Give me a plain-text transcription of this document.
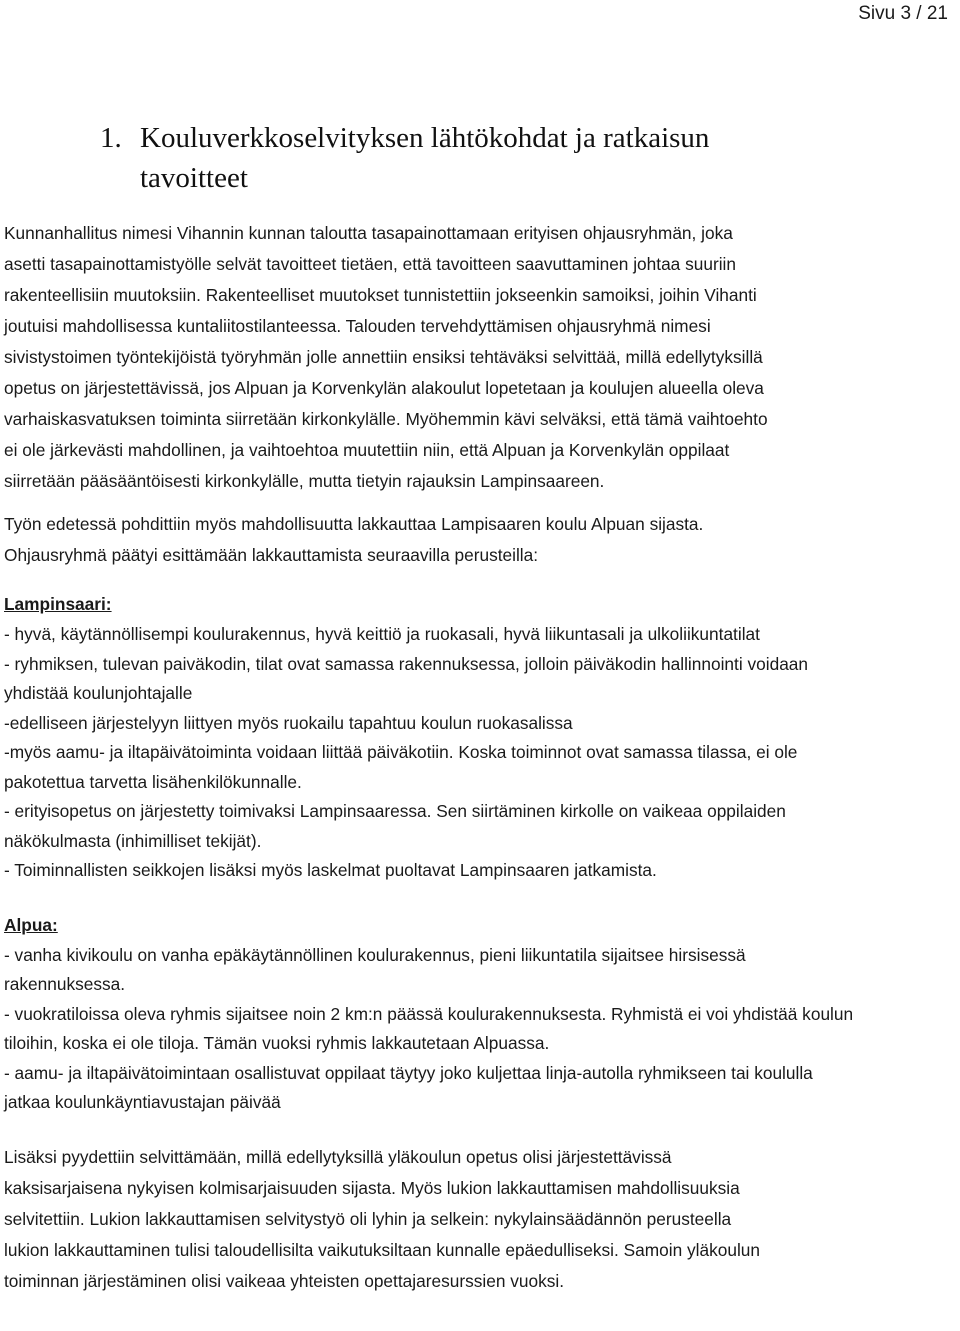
Sivu 3 / 21
1. Kouluverkkoselvityksen lähtökohdat ja ratkaisun
tavoitteet
Kunnanhallitus nimesi Vihannin kunnan taloutta tasapainottamaan erityisen ohjausryhmän, joka
asetti tasapainottamistyölle selvät tavoitteet tietäen, että tavoitteen saavuttaminen johtaa suuriin
rakenteellisiin muutoksiin. Rakenteelliset muutokset tunnistettiin jokseenkin samoiksi, joihin Vihanti
joutuisi mahdollisessa kuntaliitostilanteessa. Talouden tervehdyttämisen ohjausryhmä nimesi
sivistystoimen työntekijöistä työryhmän jolle annettiin ensiksi tehtäväksi selvittää, millä edellytyksillä
opetus on järjestettävissä, jos Alpuan ja Korvenkylän alakoulut lopetetaan ja koulujen alueella oleva
varhaiskasvatuksen toiminta siirretään kirkonkylälle. Myöhemmin kävi selväksi, että tämä vaihtoehto
ei ole järkevästi mahdollinen, ja vaihtoehtoa muutettiin niin, että Alpuan ja Korvenkylän oppilaat
siirretään pääsääntöisesti kirkonkylälle, mutta tietyin rajauksin Lampinsaareen.
Työn edetessä pohdittiin myös mahdollisuutta lakkauttaa Lampisaaren koulu Alpuan sijasta.
Ohjausryhmä päätyi esittämään lakkauttamista seuraavilla perusteilla:
Lampinsaari:
- hyvä, käytännöllisempi koulurakennus, hyvä keittiö ja ruokasali, hyvä liikuntasali ja ulkoliikuntatilat
- ryhmiksen, tulevan paiväkodin, tilat ovat samassa rakennuksessa, jolloin päiväkodin hallinnointi voidaan
yhdistää koulunjohtajalle
-edelliseen järjestelyyn liittyen myös ruokailu tapahtuu koulun ruokasalissa
-myös aamu- ja iltapäivätoiminta voidaan liittää päiväkotiin. Koska toiminnot ovat samassa tilassa, ei ole
pakotettua tarvetta lisähenkilökunnalle.
- erityisopetus on järjestetty toimivaksi Lampinsaaressa. Sen siirtäminen kirkolle on vaikeaa oppilaiden
näkökulmasta (inhimilliset tekijät).
- Toiminnallisten seikkojen lisäksi myös laskelmat puoltavat Lampinsaaren jatkamista.
Alpua:
- vanha kivikoulu on vanha epäkäytännöllinen koulurakennus, pieni liikuntatila sijaitsee hirsisessä
rakennuksessa.
- vuokratiloissa oleva ryhmis sijaitsee noin 2 km:n päässä koulurakennuksesta. Ryhmistä ei voi yhdistää koulun
tiloihin, koska ei ole tiloja. Tämän vuoksi ryhmis lakkautetaan Alpuassa.
- aamu- ja iltapäivätoimintaan osallistuvat oppilaat täytyy joko kuljettaa linja-autolla ryhmikseen tai koululla
jatkaa koulunkäyntiavustajan päivää
Lisäksi pyydettiin selvittämään, millä edellytyksillä yläkoulun opetus olisi järjestettävissä
kaksisarjaisena nykyisen kolmisarjaisuuden sijasta. Myös lukion lakkauttamisen mahdollisuuksia
selvitettiin. Lukion lakkauttamisen selvitystyö oli lyhin ja selkein: nykylainsäädännön perusteella
lukion lakkauttaminen tulisi taloudellisilta vaikutuksiltaan kunnalle epäedulliseksi. Samoin yläkoulun
toiminnan järjestäminen olisi vaikeaa yhteisten opettajaresurssien vuoksi.
